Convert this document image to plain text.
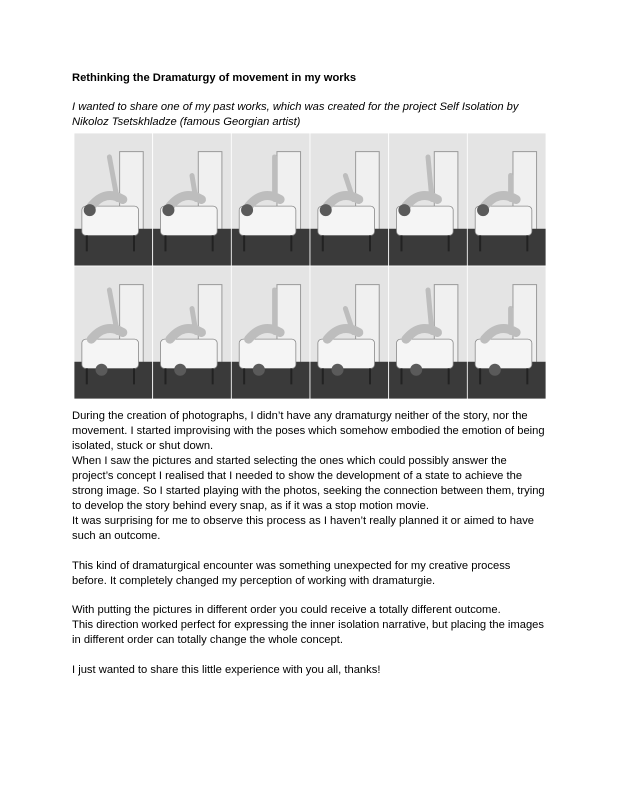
Rethinking the Dramaturgy of movement in my works
I wanted to share one of my past works, which was created for the project Self Isolation by
Nikoloz Tsetskhladze (famous Georgian artist)
During the creation of photographs, I didn’t have any dramaturgy neither of the story, nor the
movement. I started improvising with the poses which somehow embodied the emotion of being
isolated, stuck or shut down.
When I saw the pictures and started selecting the ones which could possibly answer the
project’s concept I realised that I needed to show the development of a state to achieve the
strong image. So I started playing with the photos, seeking the connection between them, trying
to develop the story behind every snap, as if it was a stop motion movie.
It was surprising for me to observe this process as I haven’t really planned it or aimed to have
such an outcome.
This kind of dramaturgical encounter was something unexpected for my creative process
before. It completely changed my perception of working with dramaturgie.
With putting the pictures in different order you could receive a totally different outcome.
This direction worked perfect for expressing the inner isolation narrative, but placing the images
in different order can totally change the whole concept.
I just wanted to share this little experience with you all, thanks!
